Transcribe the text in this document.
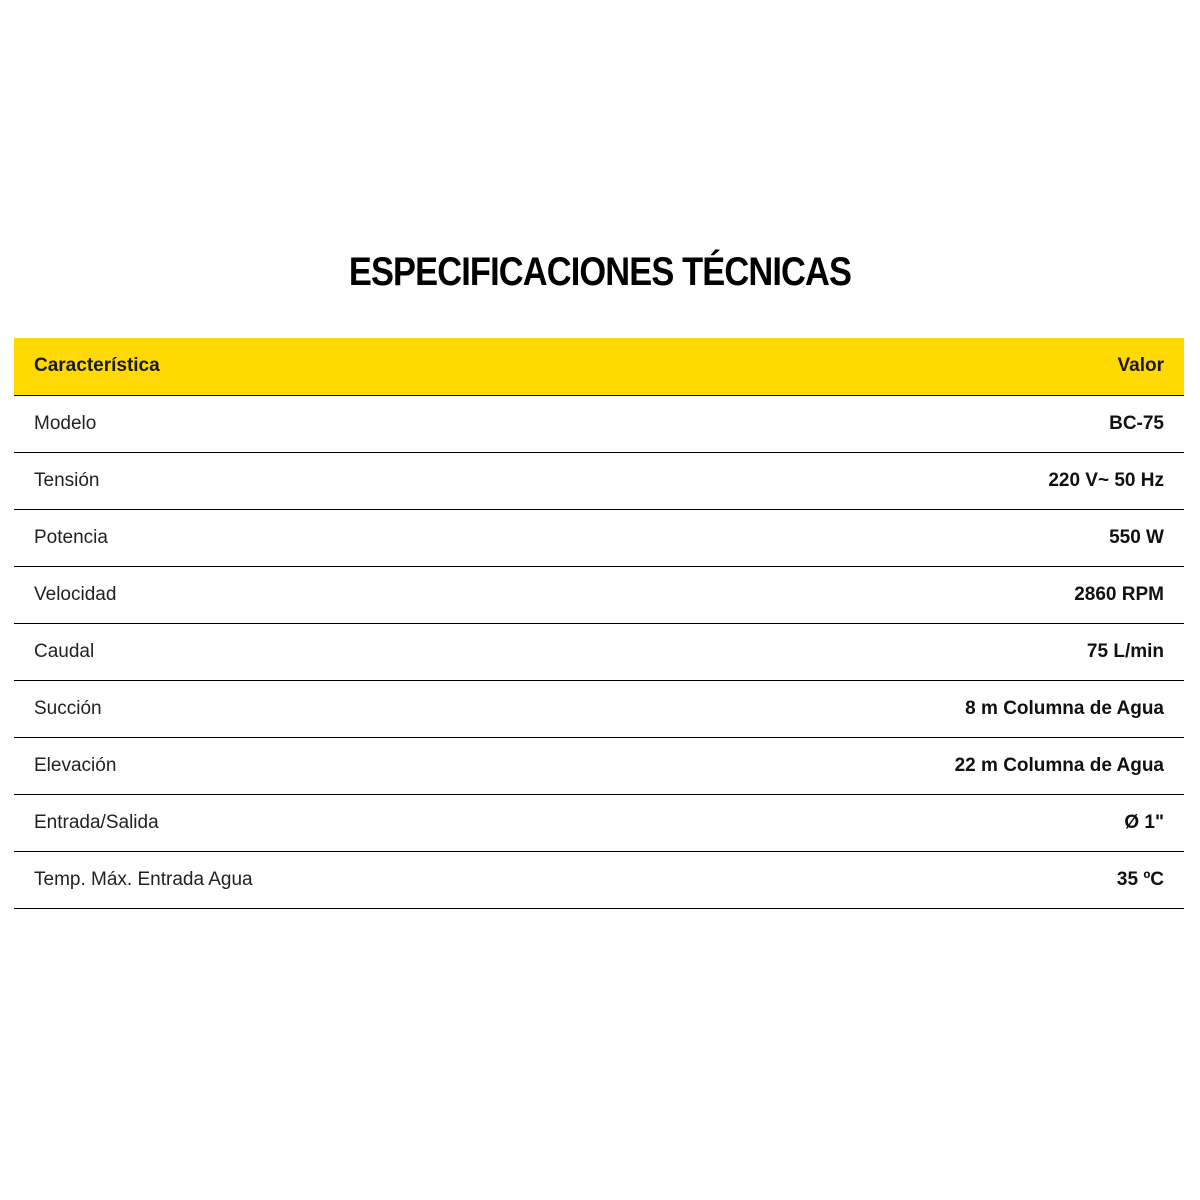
ESPECIFICACIONES TÉCNICAS
Característica	Valor
Modelo	BC-75
Tensión	220 V~ 50 Hz
Potencia	550 W
Velocidad	2860 RPM
Caudal	75 L/min
Succión	8 m Columna de Agua
Elevación	22 m Columna de Agua
Entrada/Salida	Ø 1"
Temp. Máx. Entrada Agua	35 ºC
